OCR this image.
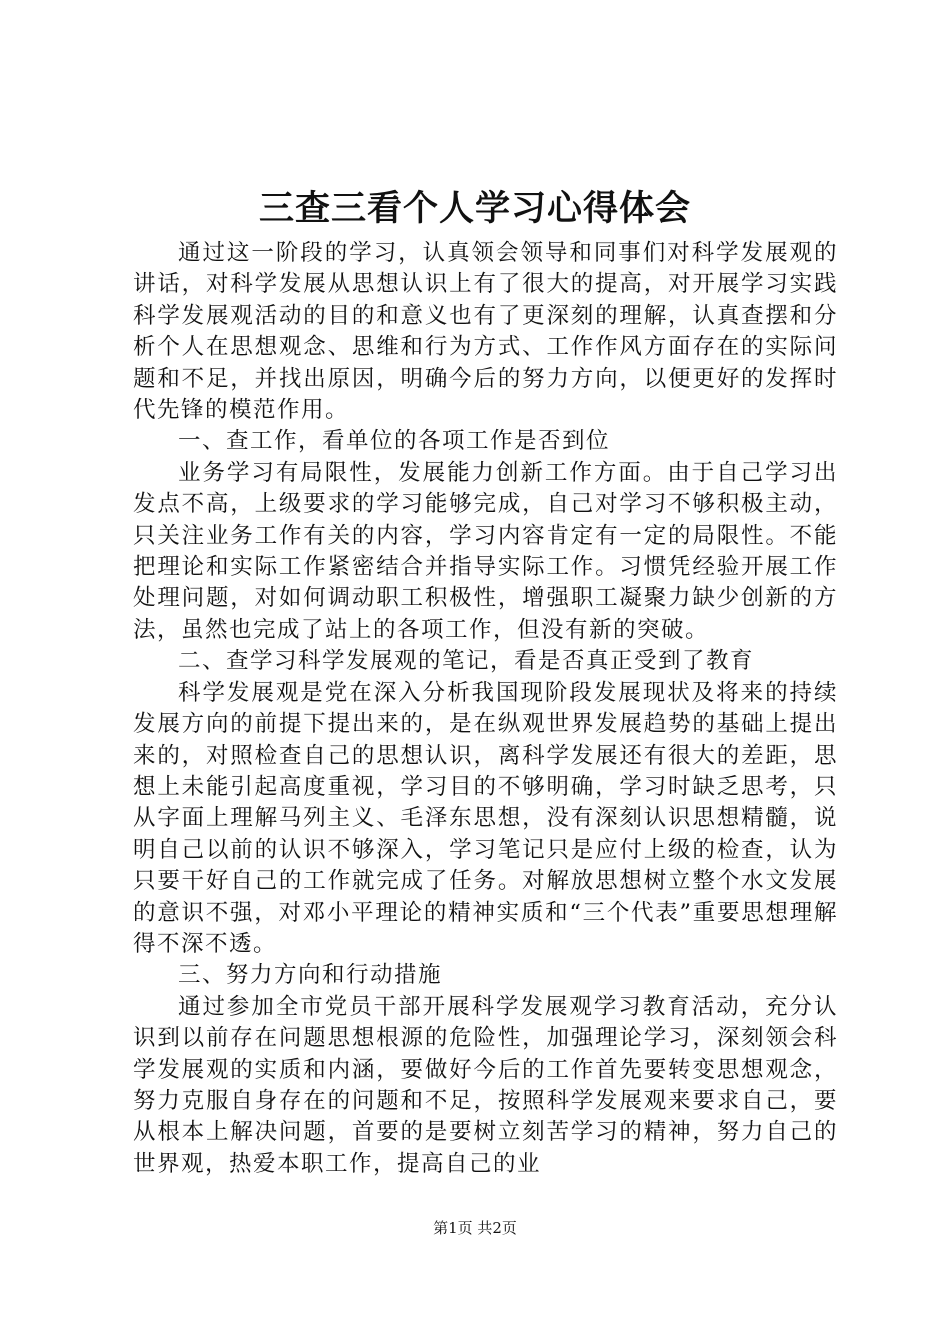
三查三看个人学习心得体会

通过这一阶段的学习，认真领会领导和同事们对科学发展观的讲话，对科学发展从思想认识上有了很大的提高，对开展学习实践科学发展观活动的目的和意义也有了更深刻的理解，认真查摆和分析个人在思想观念、思维和行为方式、工作作风方面存在的实际问题和不足，并找出原因，明确今后的努力方向，以便更好的发挥时代先锋的模范作用。

一、查工作，看单位的各项工作是否到位

业务学习有局限性，发展能力创新工作方面。由于自己学习出发点不高，上级要求的学习能够完成，自己对学习不够积极主动，只关注业务工作有关的内容，学习内容肯定有一定的局限性。不能把理论和实际工作紧密结合并指导实际工作。习惯凭经验开展工作处理问题，对如何调动职工积极性，增强职工凝聚力缺少创新的方法，虽然也完成了站上的各项工作，但没有新的突破。

二、查学习科学发展观的笔记，看是否真正受到了教育

科学发展观是党在深入分析我国现阶段发展现状及将来的持续发展方向的前提下提出来的，是在纵观世界发展趋势的基础上提出来的，对照检查自己的思想认识，离科学发展还有很大的差距，思想上未能引起高度重视，学习目的不够明确，学习时缺乏思考，只从字面上理解马列主义、毛泽东思想，没有深刻认识思想精髓，说明自己以前的认识不够深入，学习笔记只是应付上级的检查，认为只要干好自己的工作就完成了任务。对解放思想树立整个水文发展的意识不强，对邓小平理论的精神实质和“三个代表”重要思想理解得不深不透。

三、努力方向和行动措施

通过参加全市党员干部开展科学发展观学习教育活动，充分认识到以前存在问题思想根源的危险性，加强理论学习，深刻领会科学发展观的实质和内涵，要做好今后的工作首先要转变思想观念，努力克服自身存在的问题和不足，按照科学发展观来要求自己，要从根本上解决问题，首要的是要树立刻苦学习的精神，努力自己的世界观，热爱本职工作，提高自己的业

第1页 共2页
